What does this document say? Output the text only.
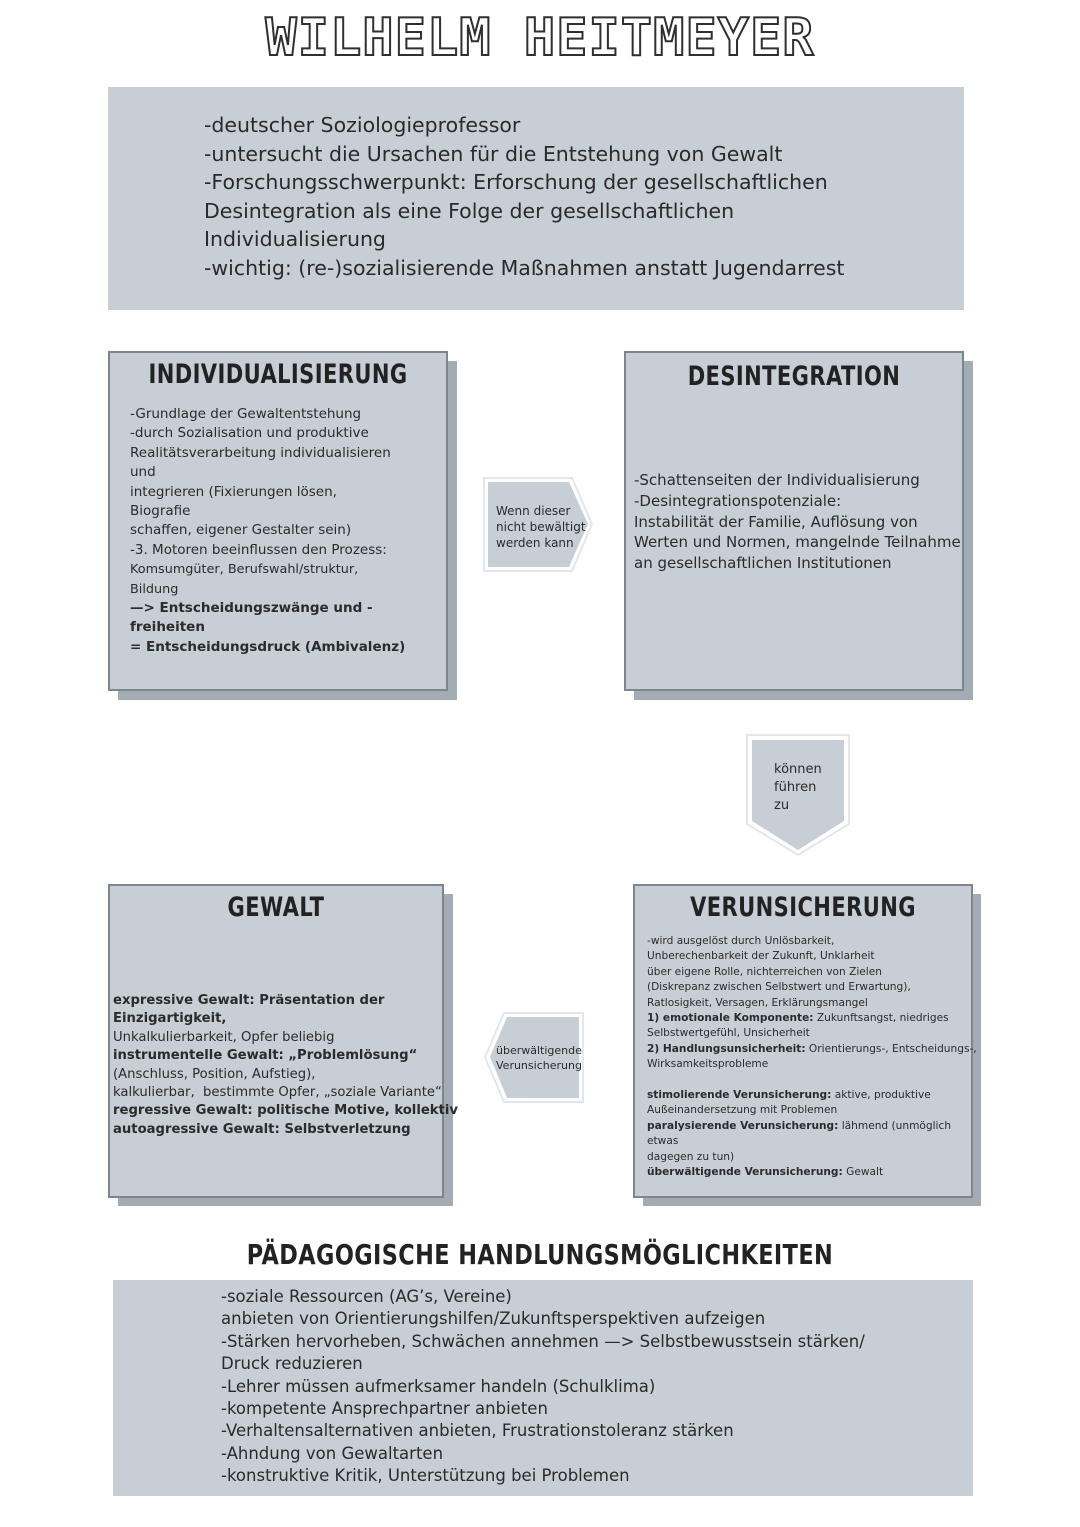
WILHELM HEITMEYER
-deutscher Soziologieprofessor
-untersucht die Ursachen für die Entstehung von Gewalt
-Forschungsschwerpunkt: Erforschung der gesellschaftlichen
Desintegration als eine Folge der gesellschaftlichen
Individualisierung
-wichtig: (re-)sozialisierende Maßnahmen anstatt Jugendarrest
INDIVIDUALISIERUNG
-Grundlage der Gewaltentstehung
-durch Sozialisation und produktive
Realitätsverarbeitung individualisieren
und
integrieren (Fixierungen lösen,
Biografie
schaffen, eigener Gestalter sein)
-3. Motoren beeinflussen den Prozess:
Komsumgüter, Berufswahl/struktur,
Bildung
—> Entscheidungszwänge und -
freiheiten
= Entscheidungsdruck (Ambivalenz)
DESINTEGRATION
-Schattenseiten der Individualisierung
-Desintegrationspotenziale:
Instabilität der Familie, Auflösung von
Werten und Normen, mangelnde Teilnahme
an gesellschaftlichen Institutionen
Wenn dieser
nicht bewältigt
werden kann
können
führen
zu
GEWALT
expressive Gewalt: Präsentation der Einzigartigkeit,
Unkalkulierbarkeit, Opfer beliebig
instrumentelle Gewalt: „Problemlösung“
(Anschluss, Position, Aufstieg),
kalkulierbar,  bestimmte Opfer, „soziale Variante“
regressive Gewalt: politische Motive, kollektiv
autoagressive Gewalt: Selbstverletzung
überwältigende
Verunsicherung
VERUNSICHERUNG
-wird ausgelöst durch Unlösbarkeit,
Unberechenbarkeit der Zukunft, Unklarheit
über eigene Rolle, nichterreichen von Zielen
(Diskrepanz zwischen Selbstwert und Erwartung),
Ratlosigkeit, Versagen, Erklärungsmangel
1) emotionale Komponente: Zukunftsangst, niedriges
Selbstwertgefühl, Unsicherheit
2) Handlungsunsicherheit: Orientierungs-, Entscheidungs-,
Wirksamkeitsprobleme

stimolierende Verunsicherung: aktive, produktive
Außeinandersetzung mit Problemen
paralysierende Verunsicherung: lähmend (unmöglich etwas
dagegen zu tun)
überwältigende Verunsicherung: Gewalt
PÄDAGOGISCHE HANDLUNGSMÖGLICHKEITEN
-soziale Ressourcen (AG’s, Vereine)
anbieten von Orientierungshilfen/Zukunftsperspektiven aufzeigen
-Stärken hervorheben, Schwächen annehmen —> Selbstbewusstsein stärken/
Druck reduzieren
-Lehrer müssen aufmerksamer handeln (Schulklima)
-kompetente Ansprechpartner anbieten
-Verhaltensalternativen anbieten, Frustrationstoleranz stärken
-Ahndung von Gewaltarten
-konstruktive Kritik, Unterstützung bei Problemen
